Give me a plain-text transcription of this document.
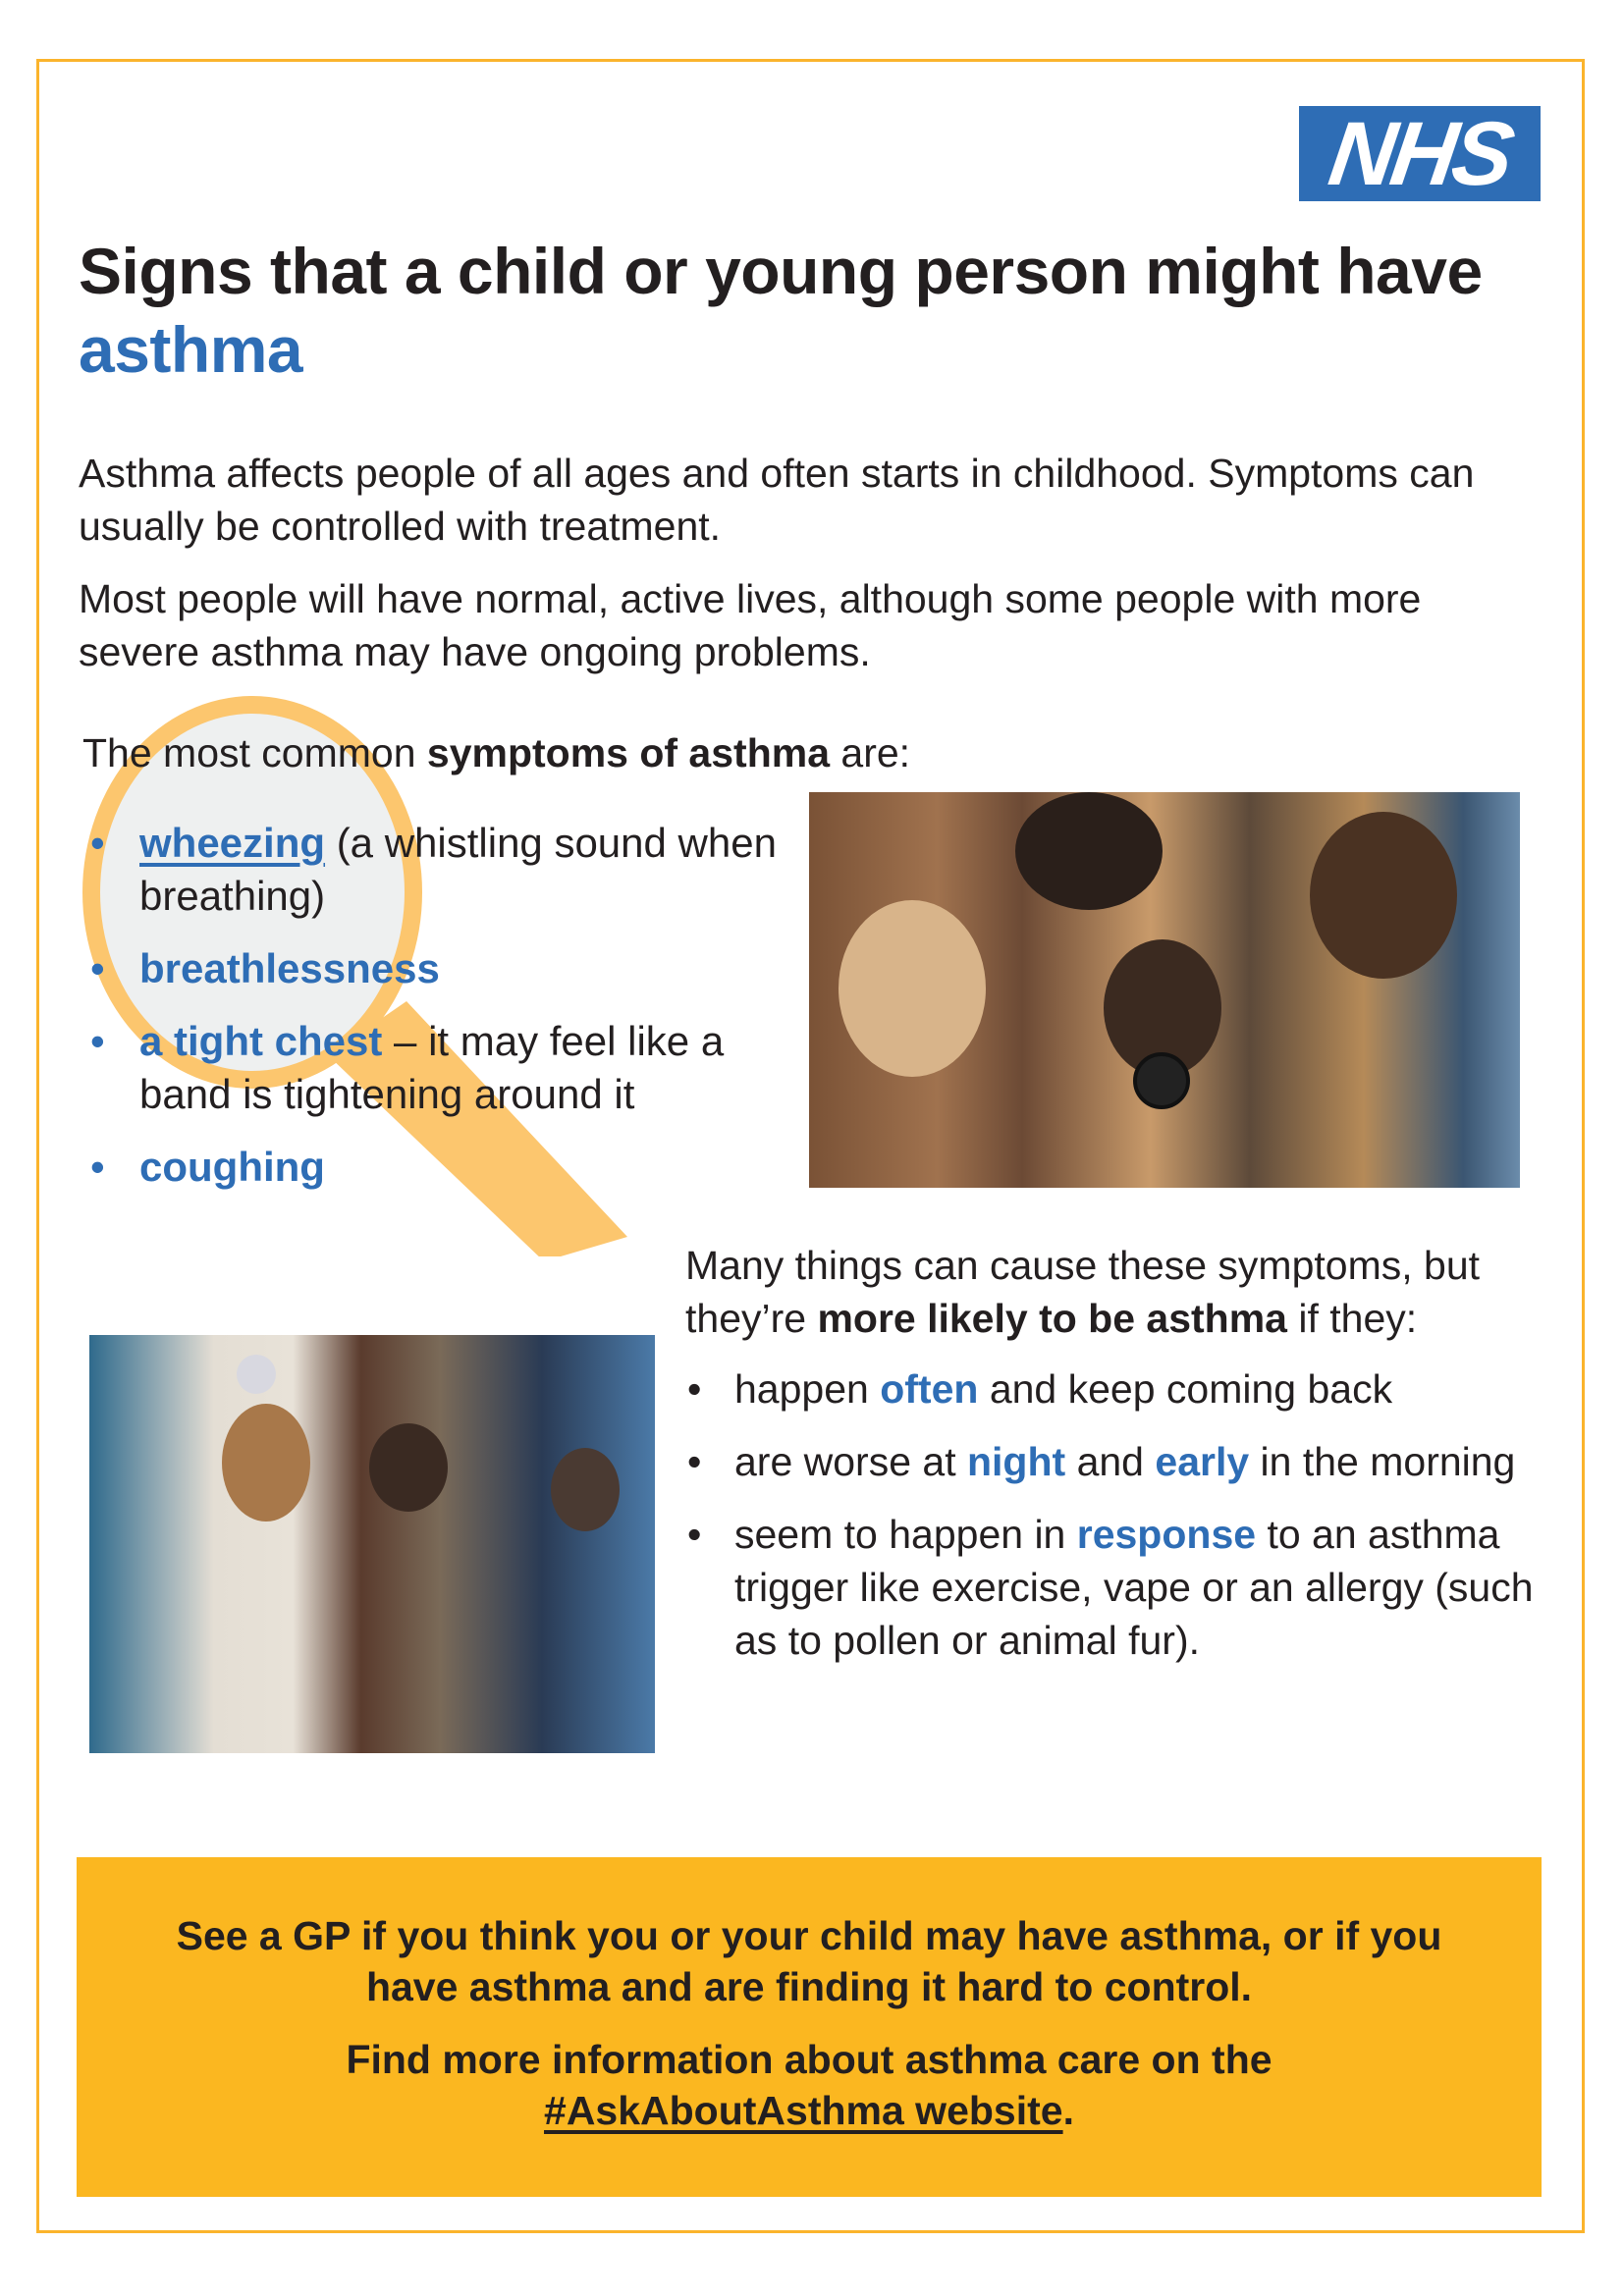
NHS
Signs that a child or young person might have asthma

Asthma affects people of all ages and often starts in childhood. Symptoms can usually be controlled with treatment.

Most people will have normal, active lives, although some people with more severe asthma may have ongoing problems.

The most common symptoms of asthma are:
• wheezing (a whistling sound when breathing)
• breathlessness
• a tight chest – it may feel like a band is tightening around it
• coughing

Many things can cause these symptoms, but they’re more likely to be asthma if they:

• happen often and keep coming back
• are worse at night and early in the morning
• seem to happen in response to an asthma trigger like exercise, vape or an allergy (such as to pollen or animal fur).

See a GP if you think you or your child may have asthma, or if you have asthma and are finding it hard to control.

Find more information about asthma care on the #AskAboutAsthma website.
